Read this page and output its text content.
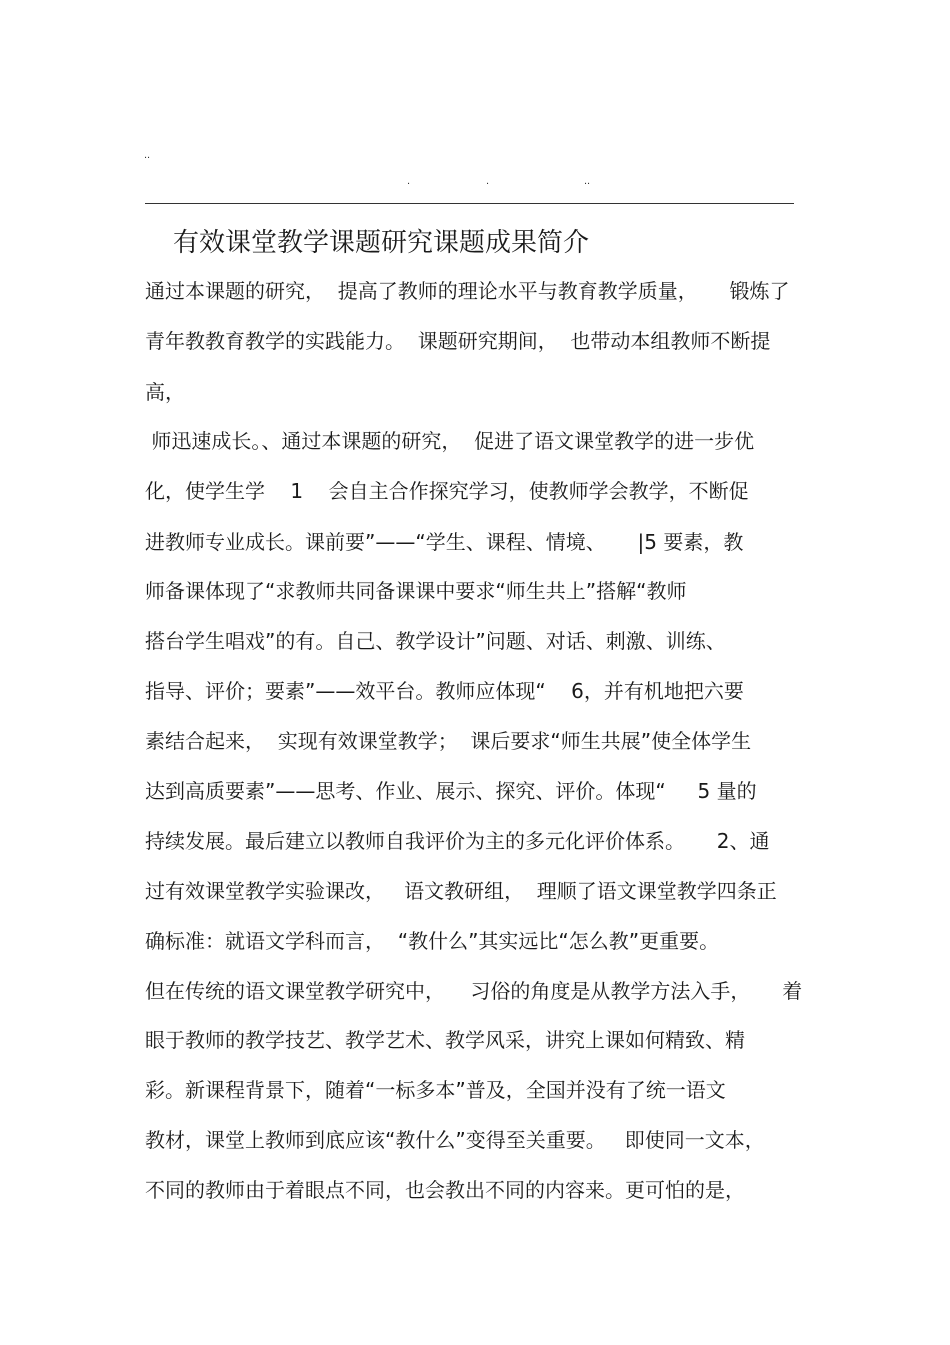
..
.	.	..
有效课堂教学课题研究课题成果简介
通过本课题的研究，  提高了教师的理论水平与教育教学质量，     锻炼了
青年教教育教学的实践能力。  课题研究期间，  也带动本组教师不断提
高，
师迅速成长。、通过本课题的研究，  促进了语文课堂教学的进一步优
化，使学生学    1    会自主合作探究学习，使教师学会教学，不断促
进教师专业成长。课前要”——“学生、课程、情境、     |5 要素，教
师备课体现了“求教师共同备课课中要求“师生共上”搭解“教师
搭台学生唱戏”的有。自己、教学设计”问题、对话、刺激、训练、
指导、评价；要素”——效平台。教师应体现“    6，并有机地把六要
素结合起来，  实现有效课堂教学；  课后要求“师生共展”使全体学生
达到高质要素”——思考、作业、展示、探究、评价。体现“     5 量的
持续发展。最后建立以教师自我评价为主的多元化评价体系。     2、通
过有效课堂教学实验课改，   语文教研组，  理顺了语文课堂教学四条正
确标准：就语文学科而言，  “教什么”其实远比“怎么教”更重要。
但在传统的语文课堂教学研究中，    习俗的角度是从教学方法入手，     着
眼于教师的教学技艺、教学艺术、教学风采，讲究上课如何精致、精
彩。新课程背景下，随着“一标多本”普及，全国并没有了统一语文
教材，课堂上教师到底应该“教什么”变得至关重要。   即使同一文本，
不同的教师由于着眼点不同，也会教出不同的内容来。更可怕的是，
